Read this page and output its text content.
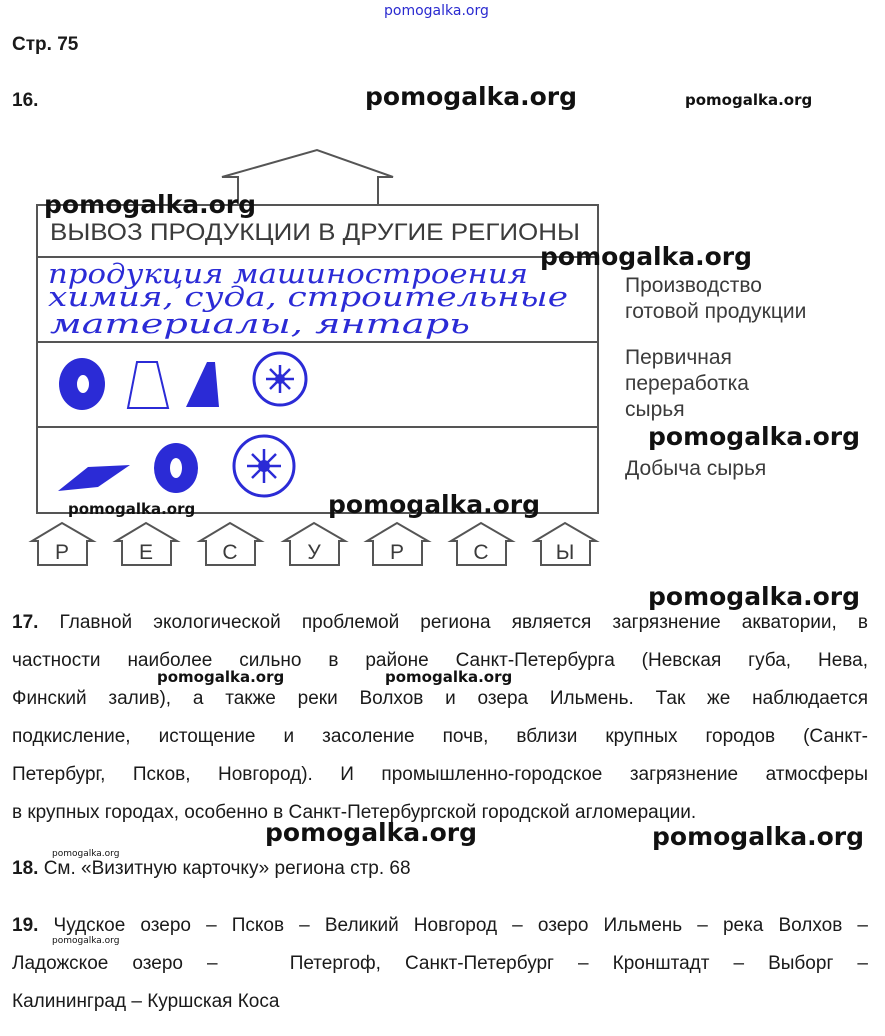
pomogalka.org
Стр. 75
16.
продукция машиностроения
химия, суда, строительные
материалы, янтарь
ВЫВОЗ ПРОДУКЦИИ В ДРУГИЕ РЕГИОНЫ
Р	Е	С	У	Р	С	Ы
Производство
готовой продукции
Первичная
переработка
сырья
Добыча сырья
17. Главной экологической проблемой региона является загрязнение акватории, в
частности наиболее сильно в районе Санкт-Петербурга (Невская губа, Нева,
Финский залив), а также реки Волхов и озера Ильмень. Так же наблюдается
подкисление, истощение и засоление почв, вблизи крупных городов (Санкт-
Петербург, Псков, Новгород). И промышленно-городское загрязнение атмосферы
в крупных городах, особенно в Санкт-Петербургской городской агломерации.
18. См. «Визитную карточку» региона стр. 68
19. Чудское озеро – Псков – Великий Новгород – озеро Ильмень – река Волхов –
Ладожское озеро –   Петергоф, Санкт-Петербург – Кронштадт – Выборг –
Калининград – Куршская Коса
pomogalka.org	pomogalka.org
pomogalka.org
pomogalka.org
pomogalka.org
pomogalka.org	pomogalka.org
pomogalka.org
pomogalka.org	pomogalka.org
pomogalka.org	pomogalka.org
pomogalka.org
pomogalka.org
